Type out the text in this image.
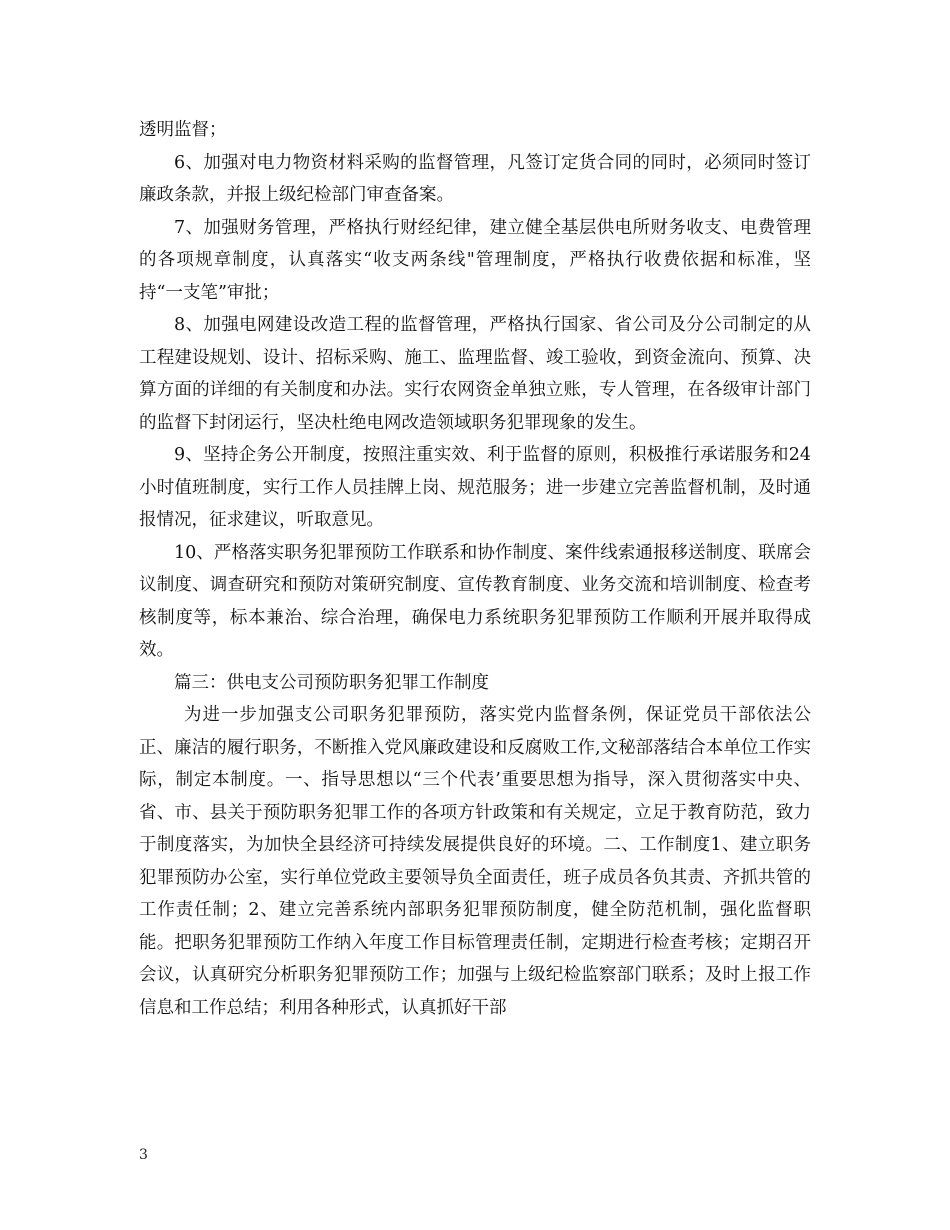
透明监督；

6、加强对电力物资材料采购的监督管理，凡签订定货合同的同时，必须同时签订廉政条款，并报上级纪检部门审查备案。

7、加强财务管理，严格执行财经纪律，建立健全基层供电所财务收支、电费管理的各项规章制度，认真落实“收支两条线"管理制度，严格执行收费依据和标准，坚持“一支笔”审批；

8、加强电网建设改造工程的监督管理，严格执行国家、省公司及分公司制定的从工程建设规划、设计、招标采购、施工、监理监督、竣工验收，到资金流向、预算、决算方面的详细的有关制度和办法。实行农网资金单独立账，专人管理，在各级审计部门的监督下封闭运行，坚决杜绝电网改造领域职务犯罪现象的发生。

9、坚持企务公开制度，按照注重实效、利于监督的原则，积极推行承诺服务和24小时值班制度，实行工作人员挂牌上岗、规范服务；进一步建立完善监督机制，及时通报情况，征求建议，听取意见。

10、严格落实职务犯罪预防工作联系和协作制度、案件线索通报移送制度、联席会议制度、调查研究和预防对策研究制度、宣传教育制度、业务交流和培训制度、检查考核制度等，标本兼治、综合治理，确保电力系统职务犯罪预防工作顺利开展并取得成效。

篇三：供电支公司预防职务犯罪工作制度

为进一步加强支公司职务犯罪预防，落实党内监督条例，保证党员干部依法公正、廉洁的履行职务，不断推入党风廉政建设和反腐败工作,文秘部落结合本单位工作实际，制定本制度。一、指导思想以“三个代表’重要思想为指导，深入贯彻落实中央、省、市、县关于预防职务犯罪工作的各项方针政策和有关规定，立足于教育防范，致力于制度落实，为加快全县经济可持续发展提供良好的环境。二、工作制度1、建立职务犯罪预防办公室，实行单位党政主要领导负全面责任，班子成员各负其责、齐抓共管的工作责任制；2、建立完善系统内部职务犯罪预防制度，健全防范机制，强化监督职能。把职务犯罪预防工作纳入年度工作目标管理责任制，定期进行检查考核；定期召开会议，认真研究分析职务犯罪预防工作；加强与上级纪检监察部门联系；及时上报工作信息和工作总结；利用各种形式，认真抓好干部

3
